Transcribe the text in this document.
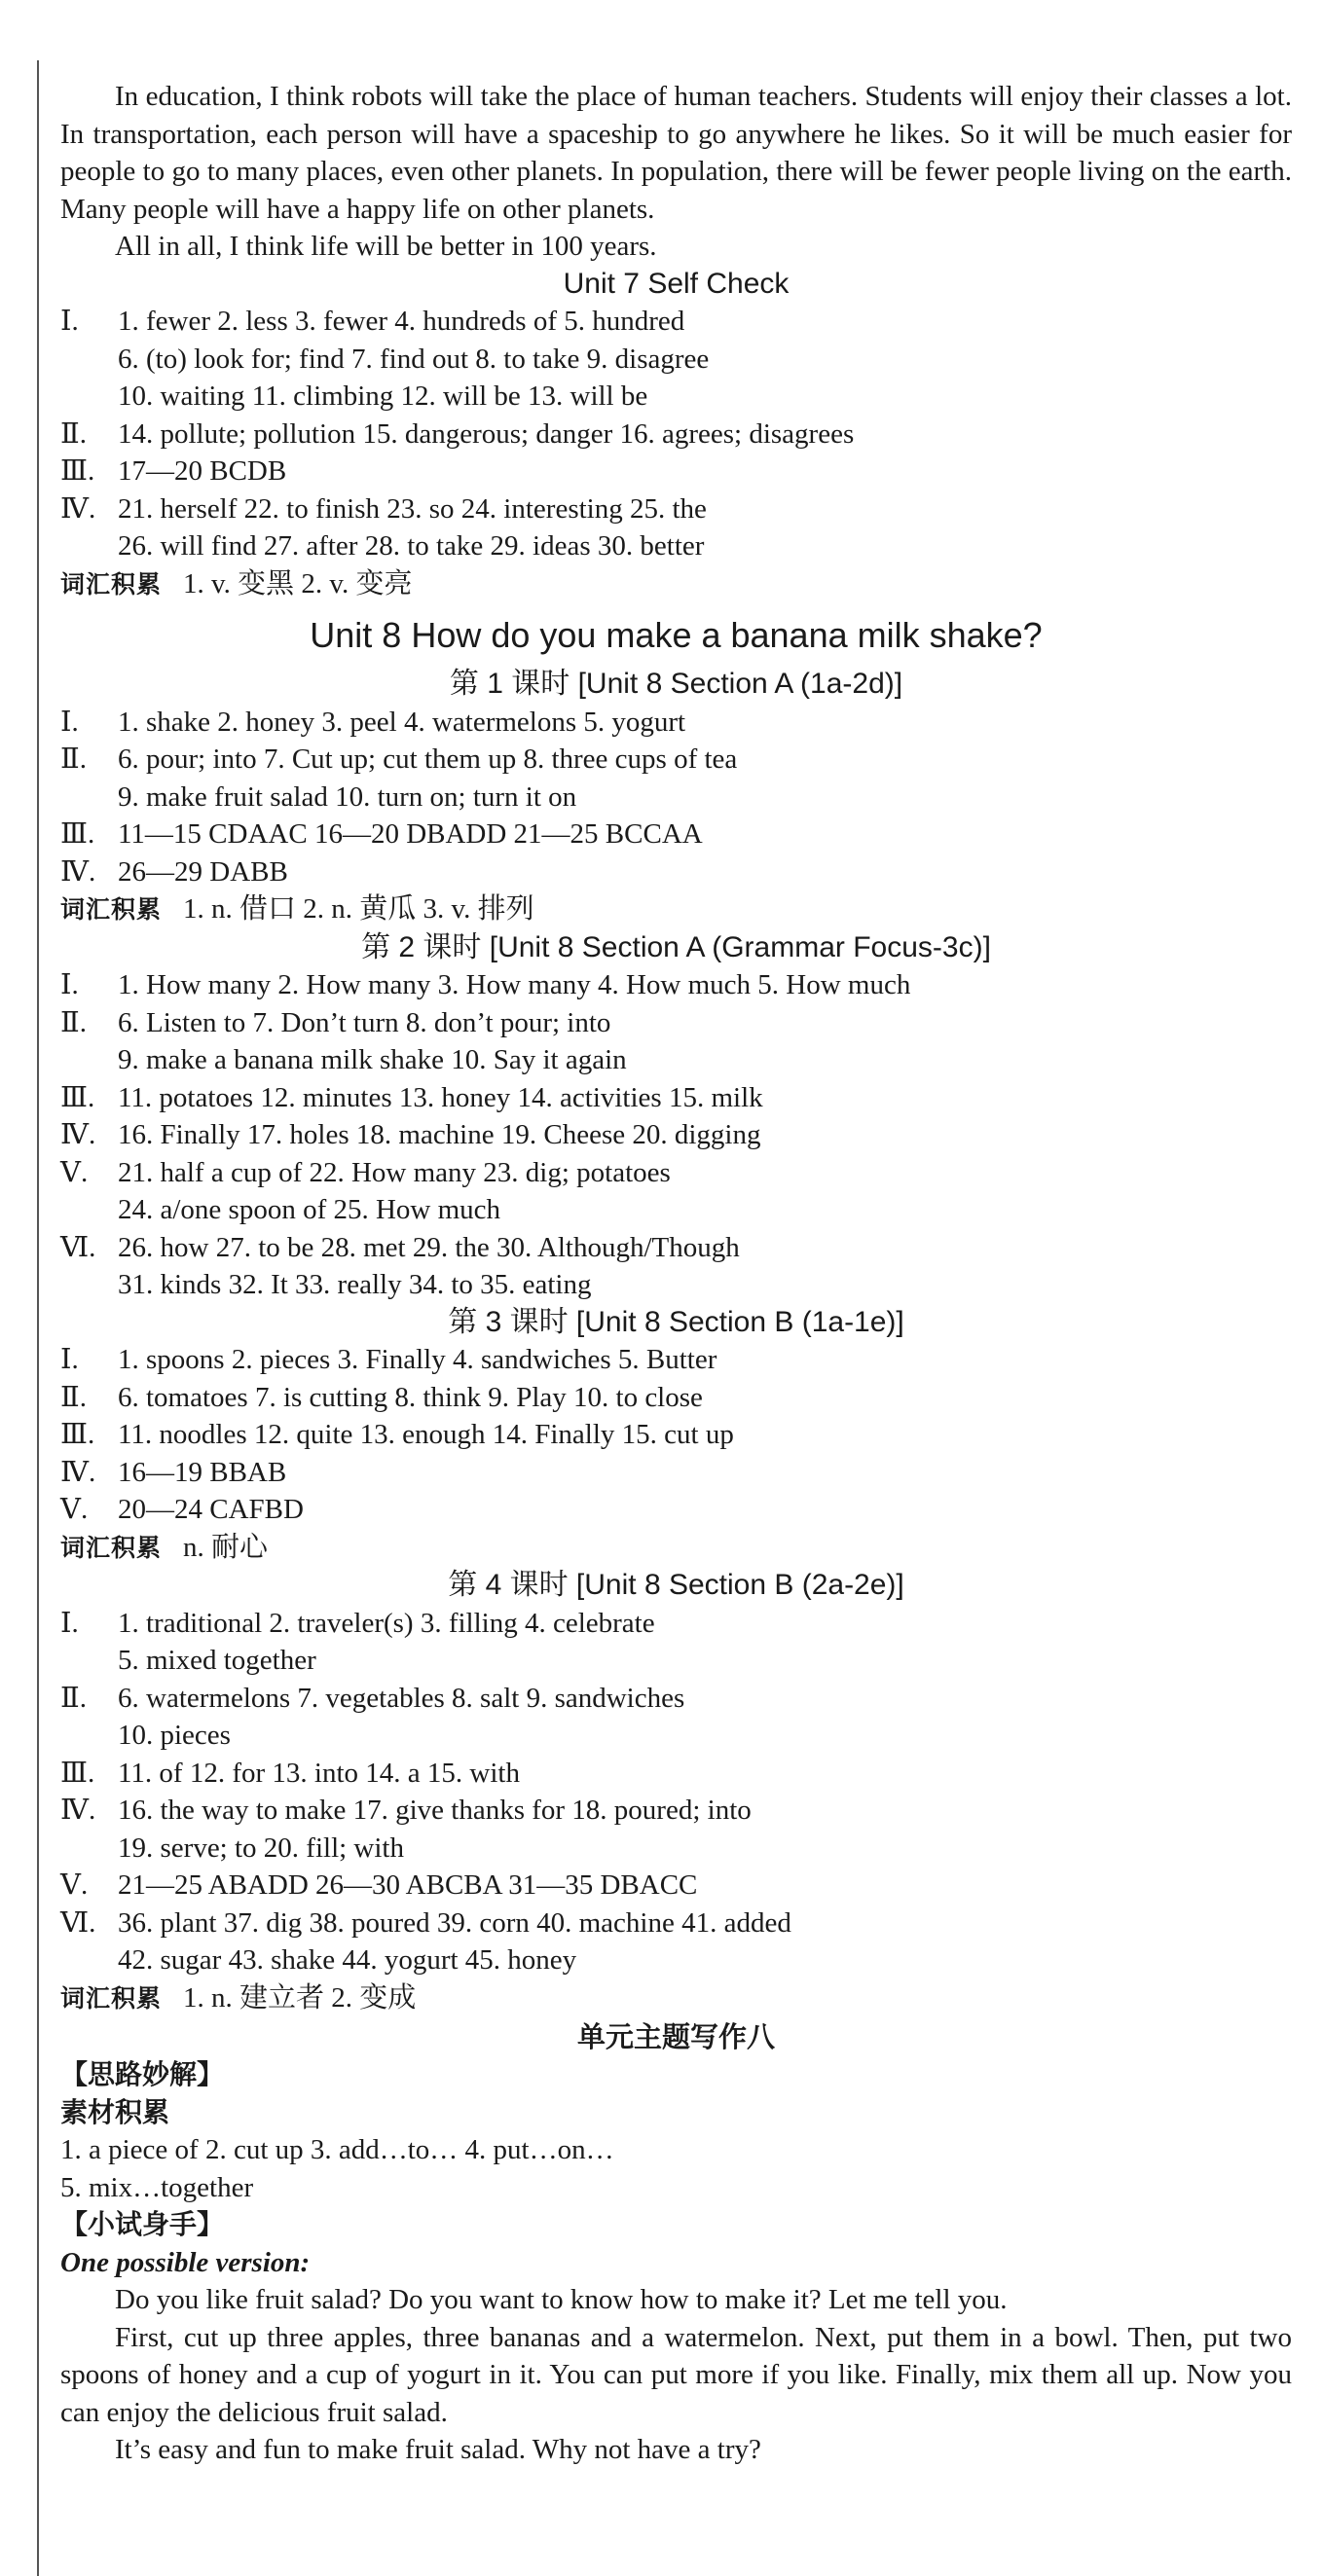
In education, I think robots will take the place of human teachers. Students will enjoy their classes a lot. In transportation, each person will have a spaceship to go anywhere he likes. So it will be much easier for people to go to many places, even other planets. In population, there will be fewer people living on the earth. Many people will have a happy life on other planets.

All in all, I think life will be better in 100 years.

Unit 7 Self Check
Ⅰ. 1. fewer 2. less 3. fewer 4. hundreds of 5. hundred
6. (to) look for; find 7. find out 8. to take 9. disagree
10. waiting 11. climbing 12. will be 13. will be
Ⅱ. 14. pollute; pollution 15. dangerous; danger 16. agrees; disagrees
Ⅲ. 17—20 BCDB
Ⅳ. 21. herself 22. to finish 23. so 24. interesting 25. the
26. will find 27. after 28. to take 29. ideas 30. better
词汇积累 1. v. 变黑 2. v. 变亮
Unit 8 How do you make a banana milk shake?
第 1 课时 [Unit 8 Section A (1a-2d)]
Ⅰ. 1. shake 2. honey 3. peel 4. watermelons 5. yogurt
Ⅱ. 6. pour; into 7. Cut up; cut them up 8. three cups of tea
9. make fruit salad 10. turn on; turn it on
Ⅲ. 11—15 CDAAC 16—20 DBADD 21—25 BCCAA
Ⅳ. 26—29 DABB
词汇积累 1. n. 借口 2. n. 黄瓜 3. v. 排列
第 2 课时 [Unit 8 Section A (Grammar Focus-3c)]
Ⅰ. 1. How many 2. How many 3. How many 4. How much 5. How much
Ⅱ. 6. Listen to 7. Don’t turn 8. don’t pour; into
9. make a banana milk shake 10. Say it again
Ⅲ. 11. potatoes 12. minutes 13. honey 14. activities 15. milk
Ⅳ. 16. Finally 17. holes 18. machine 19. Cheese 20. digging
Ⅴ. 21. half a cup of 22. How many 23. dig; potatoes
24. a/one spoon of 25. How much
Ⅵ. 26. how 27. to be 28. met 29. the 30. Although/Though
31. kinds 32. It 33. really 34. to 35. eating
第 3 课时 [Unit 8 Section B (1a-1e)]
Ⅰ. 1. spoons 2. pieces 3. Finally 4. sandwiches 5. Butter
Ⅱ. 6. tomatoes 7. is cutting 8. think 9. Play 10. to close
Ⅲ. 11. noodles 12. quite 13. enough 14. Finally 15. cut up
Ⅳ. 16—19 BBAB
Ⅴ. 20—24 CAFBD
词汇积累 n. 耐心
第 4 课时 [Unit 8 Section B (2a-2e)]
Ⅰ. 1. traditional 2. traveler(s) 3. filling 4. celebrate
5. mixed together
Ⅱ. 6. watermelons 7. vegetables 8. salt 9. sandwiches
10. pieces
Ⅲ. 11. of 12. for 13. into 14. a 15. with
Ⅳ. 16. the way to make 17. give thanks for 18. poured; into
19. serve; to 20. fill; with
Ⅴ. 21—25 ABADD 26—30 ABCBA 31—35 DBACC
Ⅵ. 36. plant 37. dig 38. poured 39. corn 40. machine 41. added
42. sugar 43. shake 44. yogurt 45. honey
词汇积累 1. n. 建立者 2. 变成
单元主题写作八

【思路妙解】

素材积累

1. a piece of 2. cut up 3. add…to… 4. put…on…

5. mix…together

【小试身手】

One possible version:

Do you like fruit salad? Do you want to know how to make it? Let me tell you.

First, cut up three apples, three bananas and a watermelon. Next, put them in a bowl. Then, put two spoons of honey and a cup of yogurt in it. You can put more if you like. Finally, mix them all up. Now you can enjoy the delicious fruit salad.

It’s easy and fun to make fruit salad. Why not have a try?
